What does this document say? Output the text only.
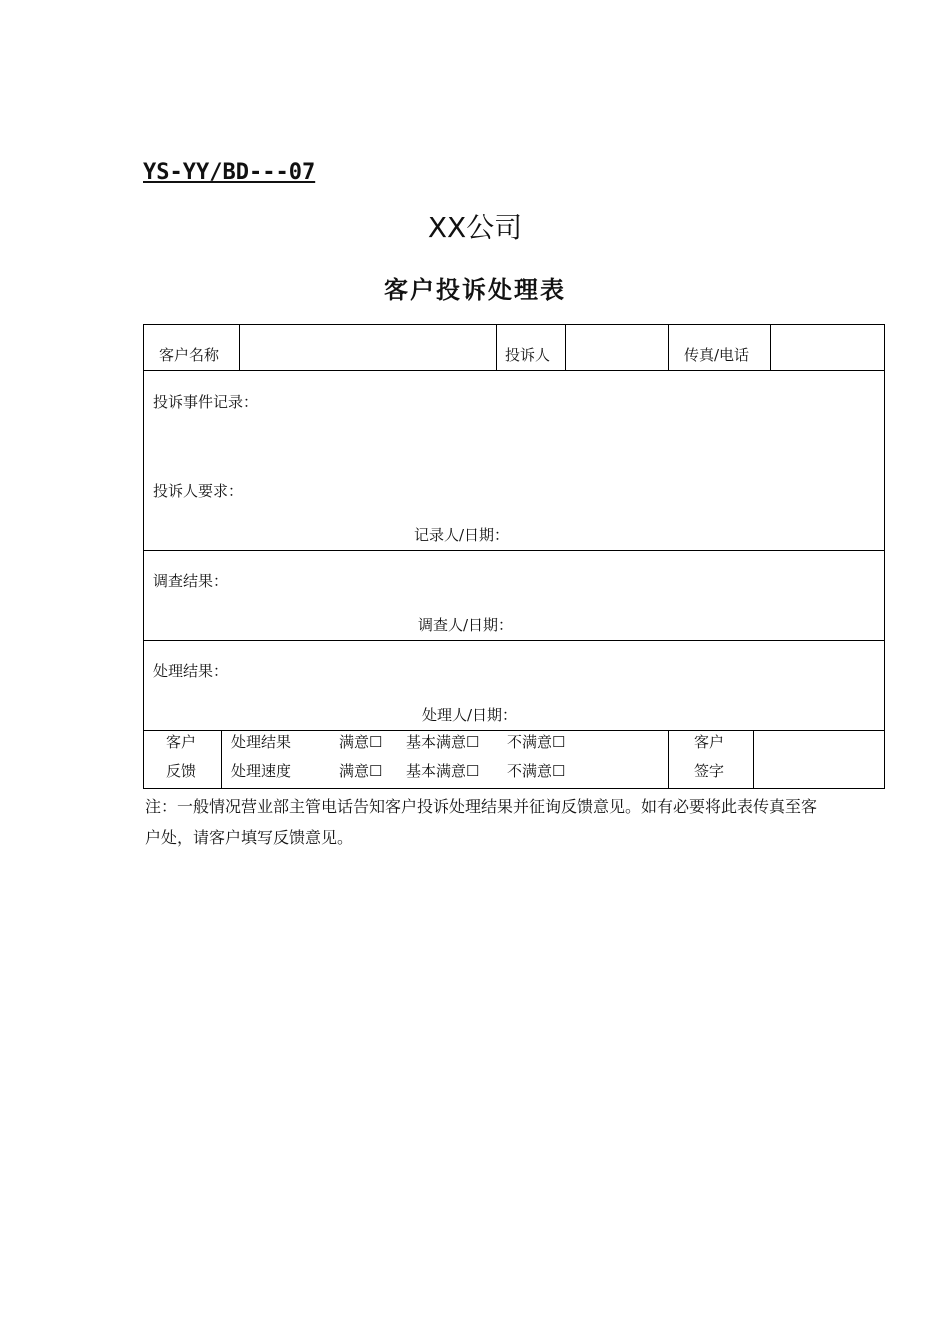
YS-YY/BD---07
XX公司
客户投诉处理表
客户名称	投诉人	传真/电话
投诉事件记录：
投诉人要求：
记录人/日期：
调查结果：
调查人/日期：
处理结果：
处理人/日期：
客户
反馈
处理结果	满意☐ 基本满意☐ 不满意☐
处理速度	满意☐ 基本满意☐ 不满意☐
客户
签字
注：一般情况营业部主管电话告知客户投诉处理结果并征询反馈意见。如有必要将此表传真至客户处，请客户填写反馈意见。
